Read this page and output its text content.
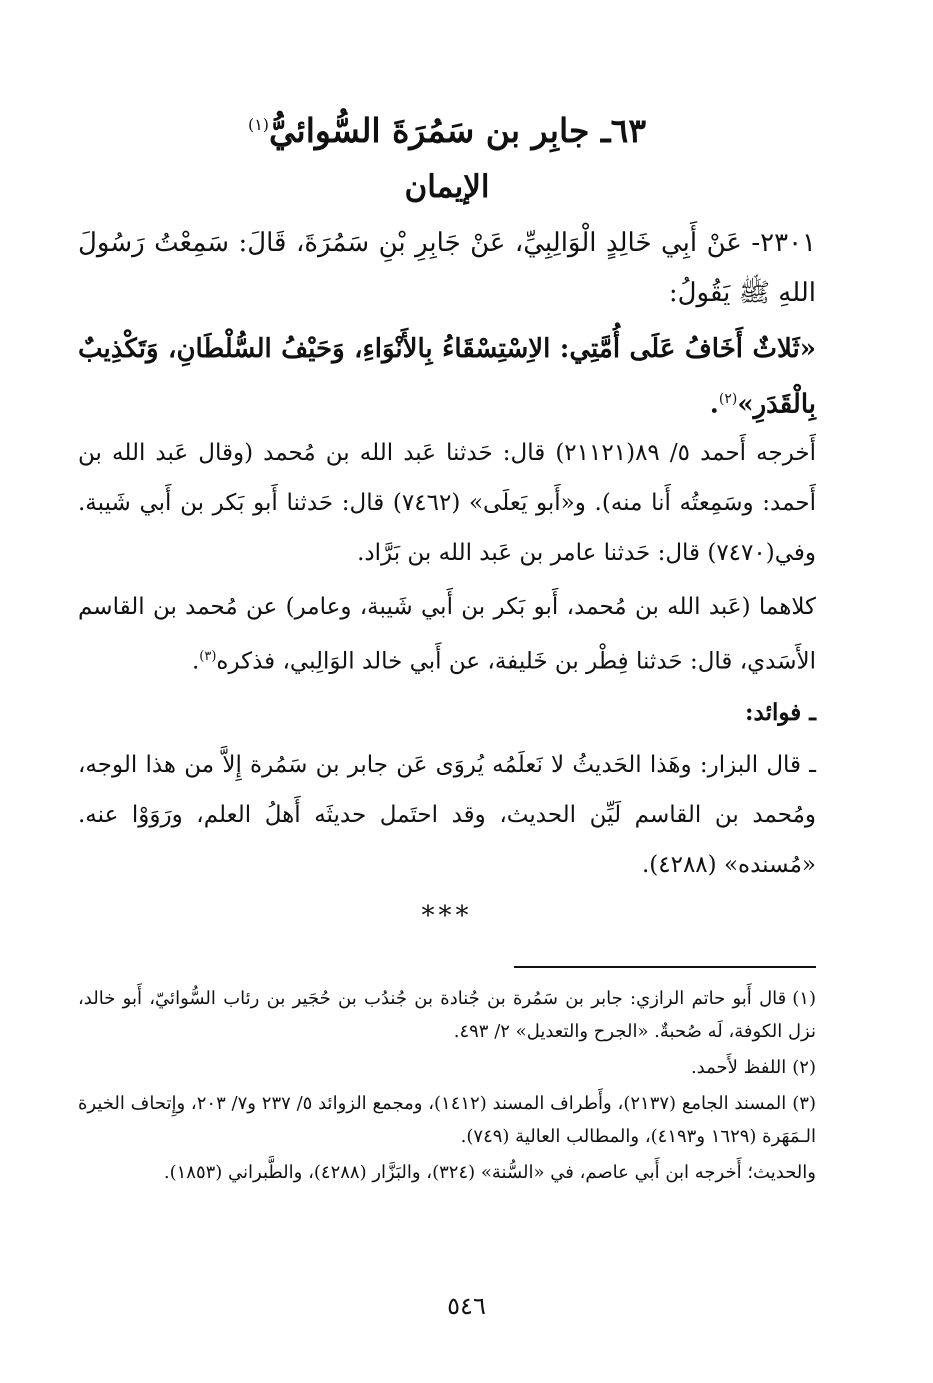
٦٣ـ جابِر بن سَمُرَةَ السُّوائيُّ$^{(١)}$
الإيمان
٢٣٠١- عَنْ أَبِي خَالِدٍ الْوَالِبِيِّ، عَنْ جَابِرِ بْنِ سَمُرَةَ، قَالَ: سَمِعْتُ رَسُولَ اللهِ ﷺ يَقُولُ:
«ثَلاثٌ أَخَافُ عَلَى أُمَّتِي: الاِسْتِسْقَاءُ بِالأَنْوَاءِ، وَحَيْفُ السُّلْطَانِ، وَتَكْذِيبٌ بِالْقَدَرِ»$^{(٢)}$.
أَخرجه أَحمد ٥/ ٨٩(٢١١٢١) قال: حَدثنا عَبد الله بن مُحمد (وقال عَبد الله بن أَحمد: وسَمِعتُه أَنا منه). و«أَبو يَعلَى» (٧٤٦٢) قال: حَدثنا أَبو بَكر بن أَبي شَيبة. وفي(٧٤٧٠) قال: حَدثنا عامر بن عَبد الله بن بَرَّاد.
كلاهما (عَبد الله بن مُحمد، أَبو بَكر بن أَبي شَيبة، وعامر) عن مُحمد بن القاسم الأَسَدي، قال: حَدثنا فِطْر بن خَليفة، عن أَبي خالد الوَالِبي، فذكره$^{(٣)}$.
ـ فوائد:
ـ قال البزار: وهَذا الحَديثُ لا نَعلَمُه يُروَى عَن جابر بن سَمُرة إِلاَّ من هذا الوجه، ومُحمد بن القاسم لَيِّن الحديث، وقد احتَمل حديثَه أَهلُ العلم، ورَوَوْا عنه. «مُسنده» (٤٢٨٨).
***

(١)قال أَبو حاتم الرازي: جابر بن سَمُرة بن جُنادة بن جُندُب بن حُجَير بن رئاب السُّوائيّ، أَبو خالد، نزل الكوفة، لَه صُحبةٌ. «الجرح والتعديل» ٢/ ٤٩٣.

(٢)اللفظ لأَحمد.

(٣)المسند الجامع (٢١٣٧)، وأَطراف المسند (١٤١٢)، ومجمع الزوائد ٥/ ٢٣٧ و٧/ ٢٠٣، وإِتحاف الخيرة الـمَهَرة (١٦٢٩ و٤١٩٣)، والمطالب العالية (٧٤٩).

والحديث؛ أَخرجه ابن أَبي عاصم، في «السُّنة» (٣٢٤)، والبَزَّار (٤٢٨٨)، والطَّبراني (١٨٥٣).

٥٤٦
